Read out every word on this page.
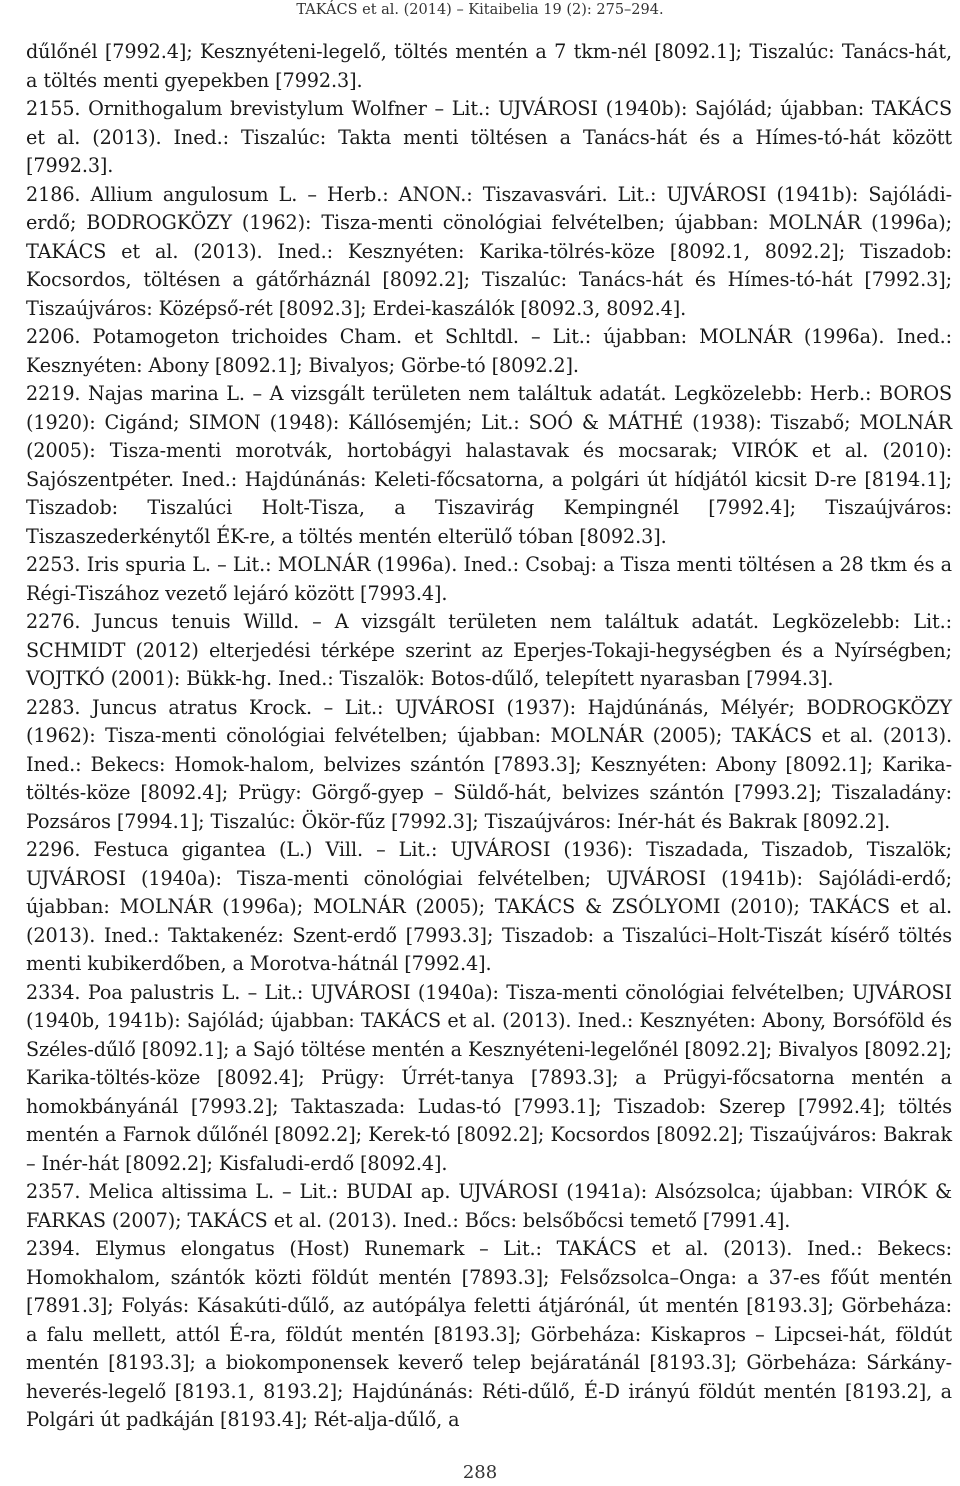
TAKÁCS et al. (2014) – Kitaibelia 19 (2): 275–294.

dűlőnél [7992.4]; Kesznyéteni-legelő, töltés mentén a 7 tkm-nél [8092.1]; Tiszalúc: Tanács-hát, a töltés menti gyepekben [7992.3].

2155. Ornithogalum brevistylum Wolfner – Lit.: UJVÁROSI (1940b): Sajólád; újabban: TAKÁCS et al. (2013). Ined.: Tiszalúc: Takta menti töltésen a Tanács-hát és a Hímes-tó-hát között [7992.3].

2186. Allium angulosum L. – Herb.: ANON.: Tiszavasvári. Lit.: UJVÁROSI (1941b): Sajóládi-erdő; BODROGKÖZY (1962): Tisza-menti cönológiai felvételben; újabban: MOLNÁR (1996a); TAKÁCS et al. (2013). Ined.: Kesznyéten: Karika-tölrés-köze [8092.1, 8092.2]; Tiszadob: Kocsordos, töltésen a gátőrháznál [8092.2]; Tiszalúc: Tanács-hát és Hímes-tó-hát [7992.3]; Tiszaújváros: Középső-rét [8092.3]; Erdei-kaszálók [8092.3, 8092.4].

2206. Potamogeton trichoides Cham. et Schltdl. – Lit.: újabban: MOLNÁR (1996a). Ined.: Kesznyéten: Abony [8092.1]; Bivalyos; Görbe-tó [8092.2].

2219. Najas marina L. – A vizsgált területen nem találtuk adatát. Legközelebb: Herb.: BOROS (1920): Cigánd; SIMON (1948): Kállósemjén; Lit.: SOÓ & MÁTHÉ (1938): Tiszabő; MOLNÁR (2005): Tisza-menti morotvák, hortobágyi halastavak és mocsarak; VIRÓK et al. (2010): Sajószentpéter. Ined.: Hajdúnánás: Keleti-főcsatorna, a polgári út hídjától kicsit D-re [8194.1]; Tiszadob: Tiszalúci Holt-Tisza, a Tiszavirág Kempingnél [7992.4]; Tiszaújváros: Tiszaszederkénytől ÉK-re, a töltés mentén elterülő tóban [8092.3].

2253. Iris spuria L. – Lit.: MOLNÁR (1996a). Ined.: Csobaj: a Tisza menti töltésen a 28 tkm és a Régi-Tiszához vezető lejáró között [7993.4].

2276. Juncus tenuis Willd. – A vizsgált területen nem találtuk adatát. Legközelebb: Lit.: SCHMIDT (2012) elterjedési térképe szerint az Eperjes-Tokaji-hegységben és a Nyírségben; VOJTKÓ (2001): Bükk-hg. Ined.: Tiszalök: Botos-dűlő, telepített nyarasban [7994.3].

2283. Juncus atratus Krock. – Lit.: UJVÁROSI (1937): Hajdúnánás, Mélyér; BODROGKÖZY (1962): Tisza-menti cönológiai felvételben; újabban: MOLNÁR (2005); TAKÁCS et al. (2013). Ined.: Bekecs: Homok-halom, belvizes szántón [7893.3]; Kesznyéten: Abony [8092.1]; Karika-töltés-köze [8092.4]; Prügy: Görgő-gyep – Süldő-hát, belvizes szántón [7993.2]; Tiszaladány: Pozsáros [7994.1]; Tiszalúc: Ökör-fűz [7992.3]; Tiszaújváros: Inér-hát és Bakrak [8092.2].

2296. Festuca gigantea (L.) Vill. – Lit.: UJVÁROSI (1936): Tiszadada, Tiszadob, Tiszalök; UJVÁROSI (1940a): Tisza-menti cönológiai felvételben; UJVÁROSI (1941b): Sajóládi-erdő; újabban: MOLNÁR (1996a); MOLNÁR (2005); TAKÁCS & ZSÓLYOMI (2010); TAKÁCS et al. (2013). Ined.: Taktakenéz: Szent-erdő [7993.3]; Tiszadob: a Tiszalúci–Holt-Tiszát kísérő töltés menti kubikerdőben, a Morotva-hátnál [7992.4].

2334. Poa palustris L. – Lit.: UJVÁROSI (1940a): Tisza-menti cönológiai felvételben; UJVÁROSI (1940b, 1941b): Sajólád; újabban: TAKÁCS et al. (2013). Ined.: Kesznyéten: Abony, Borsóföld és Széles-dűlő [8092.1]; a Sajó töltése mentén a Kesznyéteni-legelőnél [8092.2]; Bivalyos [8092.2]; Karika-töltés-köze [8092.4]; Prügy: Úrrét-tanya [7893.3]; a Prügyi-főcsatorna mentén a homokbányánál [7993.2]; Taktaszada: Ludas-tó [7993.1]; Tiszadob: Szerep [7992.4]; töltés mentén a Farnok dűlőnél [8092.2]; Kerek-tó [8092.2]; Kocsordos [8092.2]; Tiszaújváros: Bakrak – Inér-hát [8092.2]; Kisfaludi-erdő [8092.4].

2357. Melica altissima L. – Lit.: BUDAI ap. UJVÁROSI (1941a): Alsózsolca; újabban: VIRÓK & FARKAS (2007); TAKÁCS et al. (2013). Ined.: Bőcs: belsőbőcsi temető [7991.4].

2394. Elymus elongatus (Host) Runemark – Lit.: TAKÁCS et al. (2013). Ined.: Bekecs: Homokhalom, szántók közti földút mentén [7893.3]; Felsőzsolca–Onga: a 37-es főút mentén [7891.3]; Folyás: Kásakúti-dűlő, az autópálya feletti átjárónál, út mentén [8193.3]; Görbeháza: a falu mellett, attól É-ra, földút mentén [8193.3]; Görbeháza: Kiskapros – Lipcsei-hát, földút mentén [8193.3]; a biokomponensek keverő telep bejáratánál [8193.3]; Görbeháza: Sárkány-heverés-legelő [8193.1, 8193.2]; Hajdúnánás: Réti-dűlő, É-D irányú földút mentén [8193.2], a Polgári út padkáján [8193.4]; Rét-alja-dűlő, a

288
